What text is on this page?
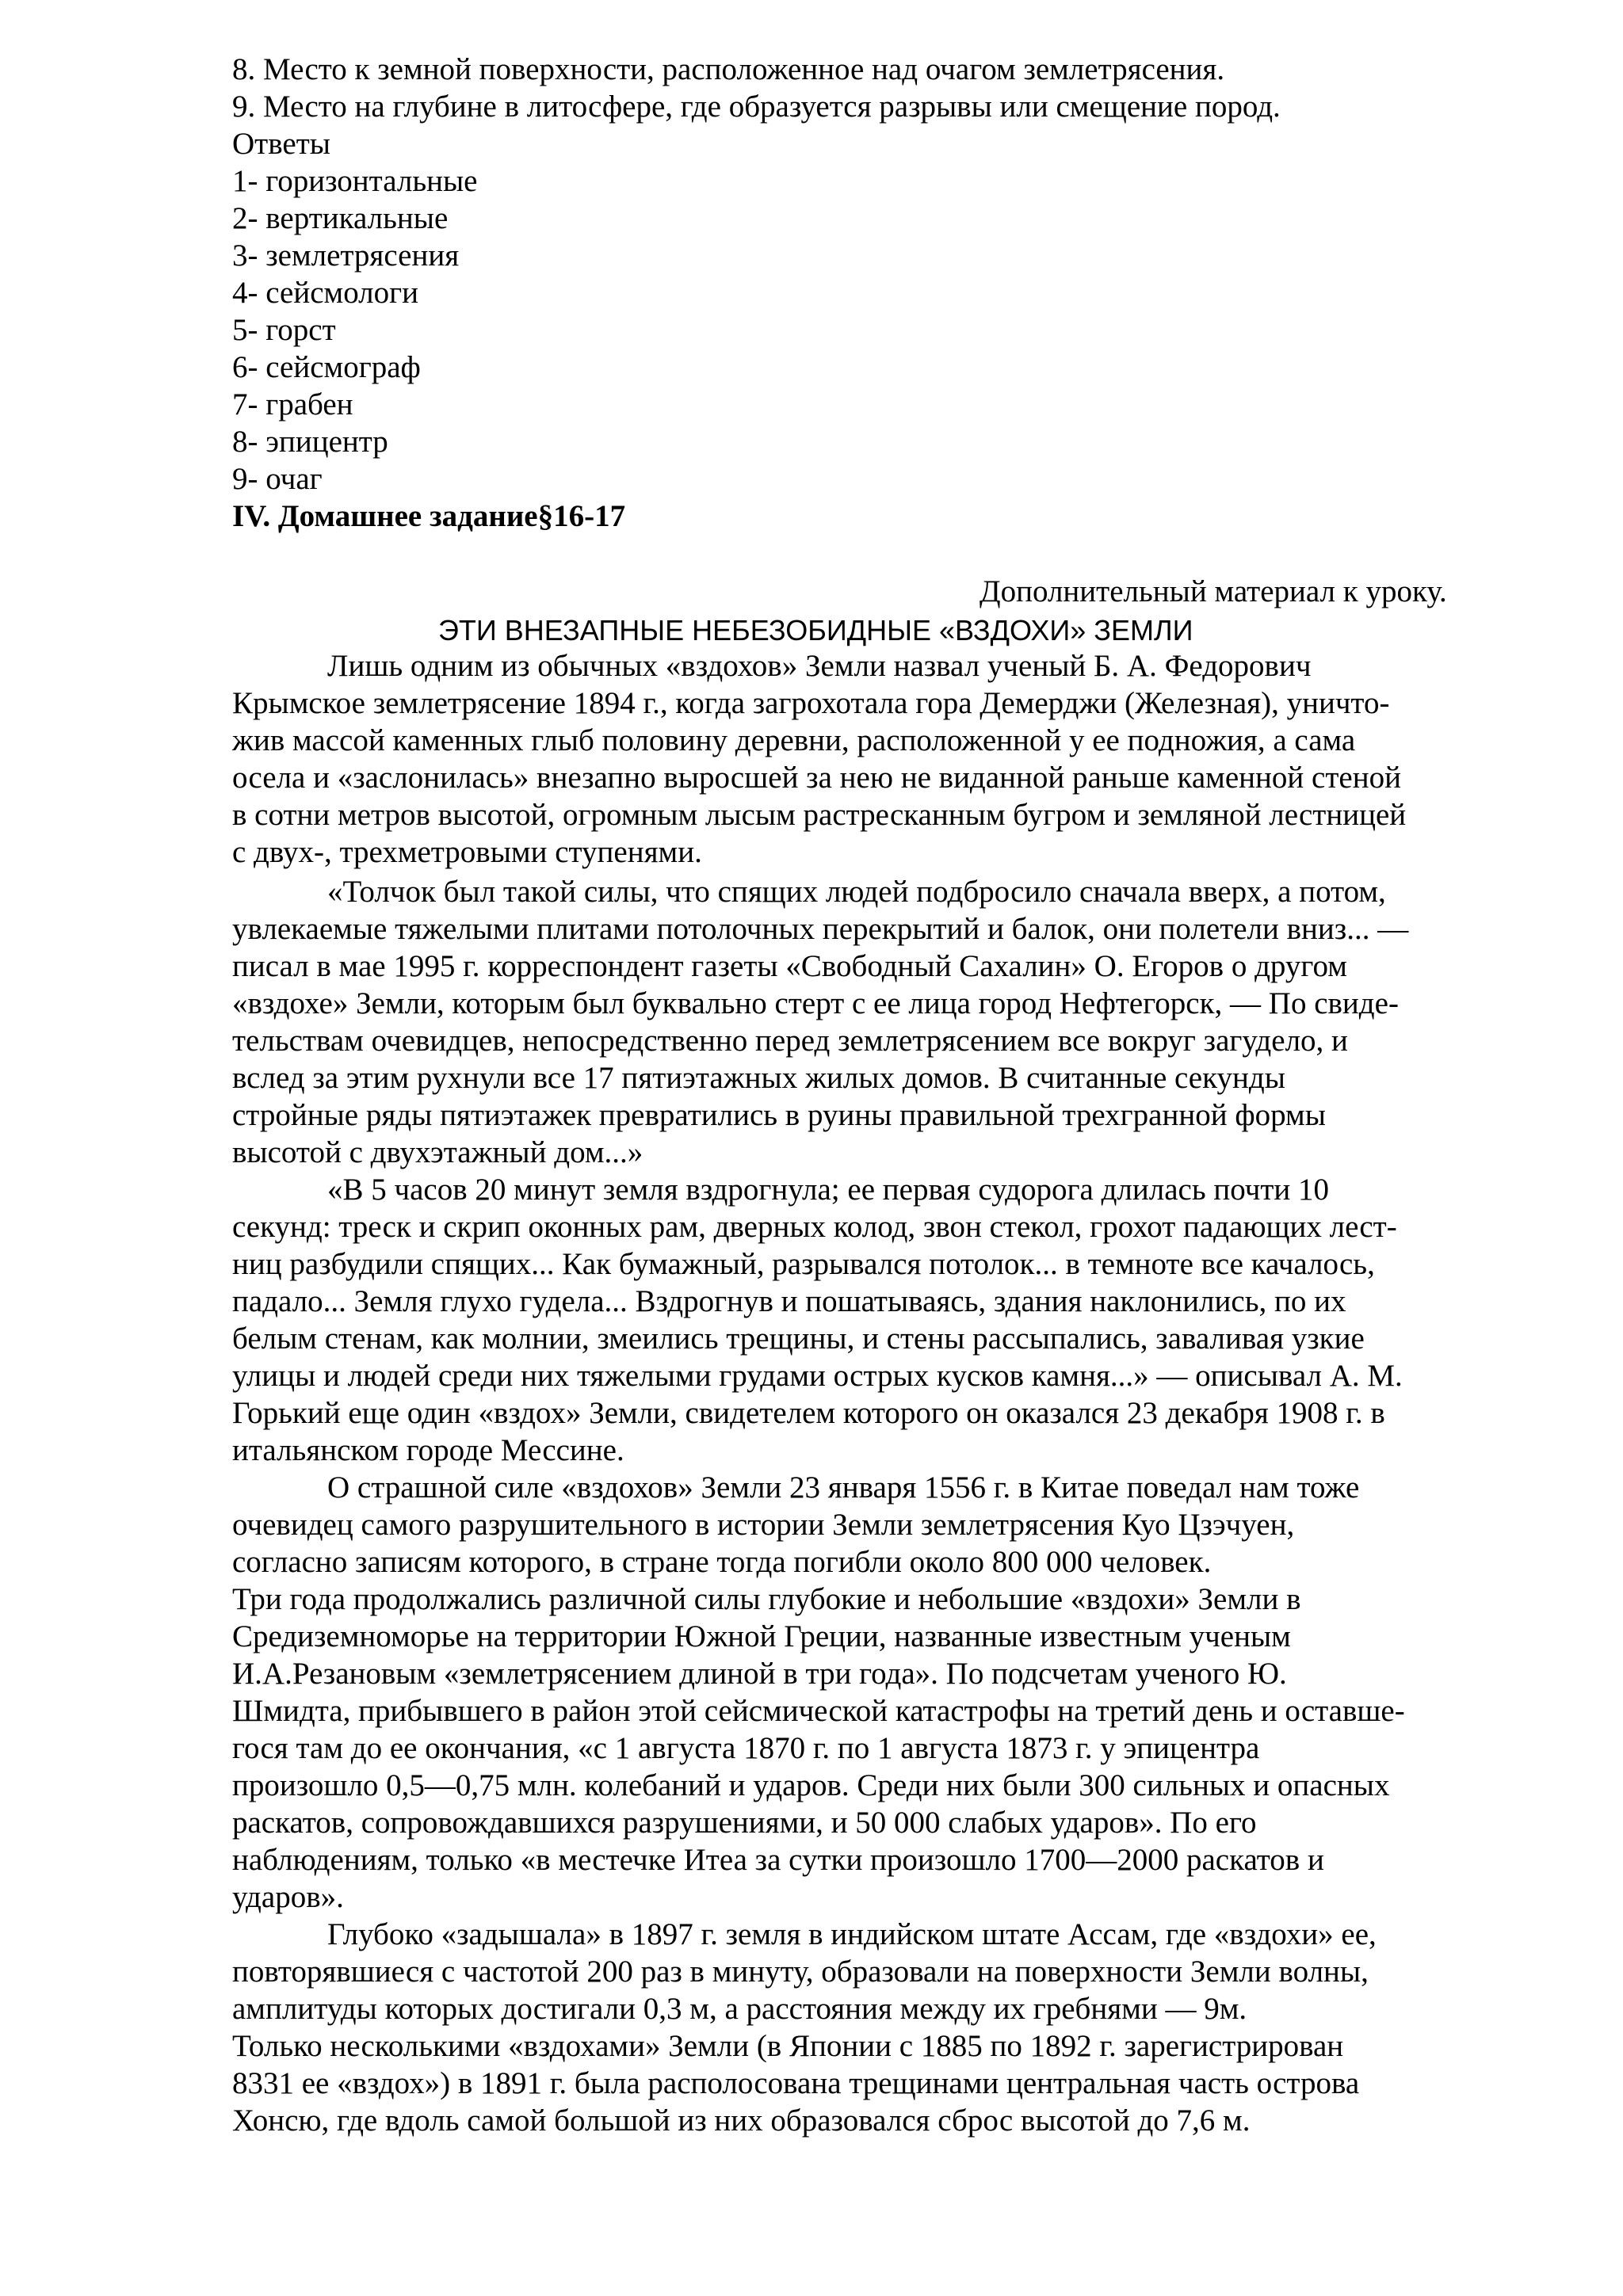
8. Место к земной поверхности, расположенное над очагом землетрясения.

9. Место на глубине в литосфере, где образуется разрывы или смещение пород.

Ответы

1- горизонтальные

2- вертикальные

3- землетрясения

4- сейсмологи

5- горст

6- сейсмограф

7- грабен

8- эпицентр

9- очаг

IV. Домашнее задание§16-17

Дополнительный материал к уроку.

ЭТИ ВНЕЗАПНЫЕ НЕБЕЗОБИДНЫЕ «ВЗДОХИ» ЗЕМЛИ

Лишь одним из обычных «вздохов» Земли назвал ученый Б. А. Федорович

Крымское землетрясение 1894 г., когда загрохотала гора Демерджи (Железная), уничто-

жив массой каменных глыб половину деревни, расположенной у ее подножия, а сама

осела и «заслонилась» внезапно выросшей за нею не виданной раньше каменной стеной

в сотни метров высотой, огромным лысым растресканным бугром и земляной лестницей

с двух-, трехметровыми ступенями.

«Толчок был такой силы, что спящих людей подбросило сначала вверх, а потом,

увлекаемые тяжелыми плитами потолочных перекрытий и балок, они полетели вниз... —

писал в мае 1995 г. корреспондент газеты «Свободный Сахалин» О. Егоров о другом

«вздохе» Земли, которым был буквально стерт с ее лица город Нефтегорск, — По свиде-

тельствам очевидцев, непосредственно перед землетрясением все вокруг загудело, и

вслед за этим рухнули все 17 пятиэтажных жилых домов. В считанные секунды

стройные ряды пятиэтажек превратились в руины правильной трехгранной формы

высотой с двухэтажный дом...»

«В 5 часов 20 минут земля вздрогнула; ее первая судорога длилась почти 10

секунд: треск и скрип оконных рам, дверных колод, звон стекол, грохот падающих лест-

ниц разбудили спящих... Как бумажный, разрывался потолок... в темноте все качалось,

падало... Земля глухо гудела... Вздрогнув и пошатываясь, здания наклонились, по их

белым стенам, как молнии, змеились трещины, и стены рассыпались, заваливая узкие

улицы и людей среди них тяжелыми грудами острых кусков камня...» — описывал А. М.

Горький еще один «вздох» Земли, свидетелем которого он оказался 23 декабря 1908 г. в

итальянском городе Мессине.

О страшной силе «вздохов» Земли 23 января 1556 г. в Китае поведал нам тоже

очевидец самого разрушительного в истории Земли землетрясения Куо Цзэчуен,

согласно записям которого, в стране тогда погибли около 800 000 человек.

Три года продолжались различной силы глубокие и небольшие «вздохи» Земли в

Средиземноморье на территории Южной Греции, названные известным ученым

И.А.Резановым «землетрясением длиной в три года». По подсчетам ученого Ю.

Шмидта, прибывшего в район этой сейсмической катастрофы на третий день и оставше-

гося там до ее окончания, «с 1 августа 1870 г. по 1 августа 1873 г. у эпицентра

произошло 0,5—0,75 млн. колебаний и ударов. Среди них были 300 сильных и опасных

раскатов, сопровождавшихся разрушениями, и 50 000 слабых ударов». По его

наблюдениям, только «в местечке Итеа за сутки произошло 1700—2000 раскатов и

ударов».

Глубоко «задышала» в 1897 г. земля в индийском штате Ассам, где «вздохи» ее,

повторявшиеся с частотой 200 раз в минуту, образовали на поверхности Земли волны,

амплитуды которых достигали 0,3 м, а расстояния между их гребнями — 9м.

Только несколькими «вздохами» Земли (в Японии с 1885 по 1892 г. зарегистрирован

8331 ее «вздох») в 1891 г. была располосована трещинами центральная часть острова

Хонсю, где вдоль самой большой из них образовался сброс высотой до 7,6 м.
